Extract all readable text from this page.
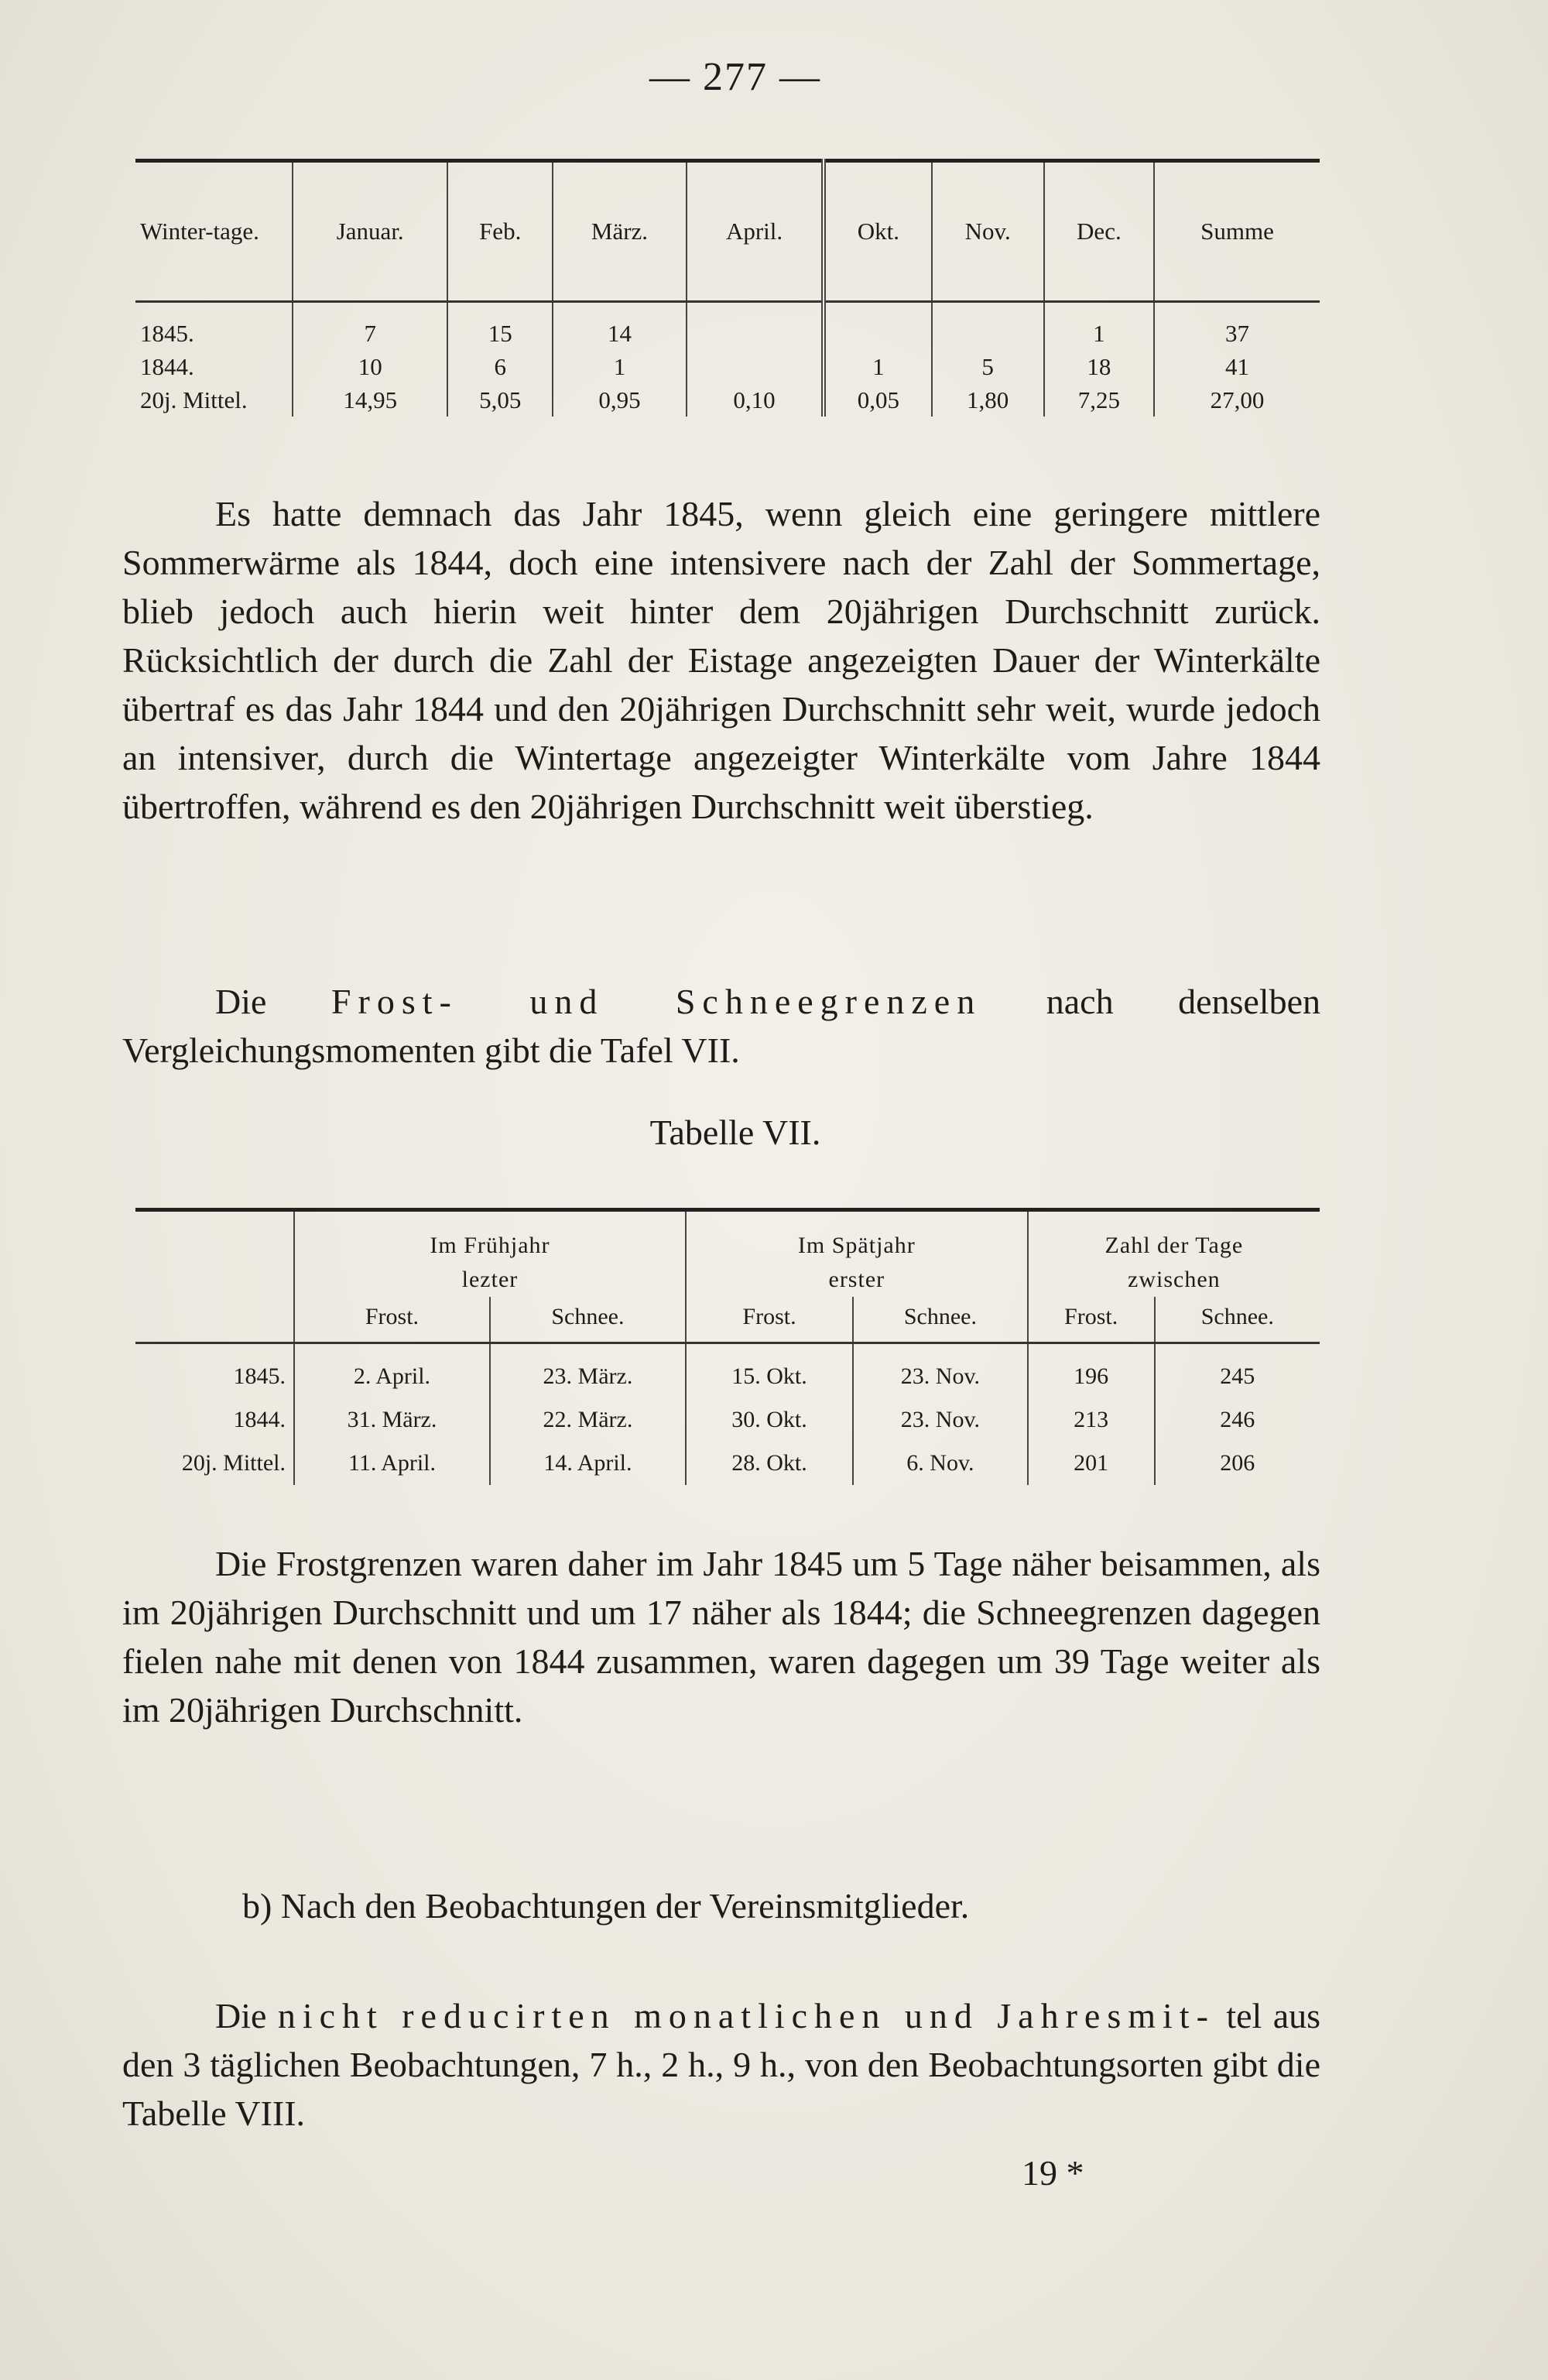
— 277 —
Winter-tage.	Januar.	Feb.	März.	April.	Okt.	Nov.	Dec.	Summe
1845.	7	15	14				1	37
1844.	10	6	1		1	5	18	41
20j. Mittel.	14,95	5,05	0,95	0,10	0,05	1,80	7,25	27,00
Es hatte demnach das Jahr 1845, wenn gleich eine geringere mittlere Sommerwärme als 1844, doch eine intensivere nach der Zahl der Sommertage, blieb jedoch auch hierin weit hinter dem 20jährigen Durchschnitt zurück. Rücksichtlich der durch die Zahl der Eistage angezeigten Dauer der Winterkälte übertraf es das Jahr 1844 und den 20jährigen Durchschnitt sehr weit, wurde jedoch an intensiver, durch die Wintertage angezeigter Winterkälte vom Jahre 1844 übertroffen, während es den 20jährigen Durchschnitt weit überstieg.
Die Frost- und Schneegrenzen nach denselben Vergleichungsmomenten gibt die Tafel VII.
Tabelle VII.
	Im Frühjahr		Im Spätjahr		Zahl der Tage	
	lezter		erster		zwischen	
	Frost.	Schnee.	Frost.	Schnee.	Frost.	Schnee.
1845.	2. April.	23. März.	15. Okt.	23. Nov.	196	245
1844.	31. März.	22. März.	30. Okt.	23. Nov.	213	246
20j. Mittel.	11. April.	14. April.	28. Okt.	6. Nov.	201	206
Die Frostgrenzen waren daher im Jahr 1845 um 5 Tage näher beisammen, als im 20jährigen Durchschnitt und um 17 näher als 1844; die Schneegrenzen dagegen fielen nahe mit denen von 1844 zusammen, waren dagegen um 39 Tage weiter als im 20jährigen Durchschnitt.
b) Nach den Beobachtungen der Vereinsmitglieder.
Die nicht reducirten monatlichen und Jahresmit- tel aus den 3 täglichen Beobachtungen, 7 h., 2 h., 9 h., von den Beobachtungsorten gibt die Tabelle VIII.
19 *
